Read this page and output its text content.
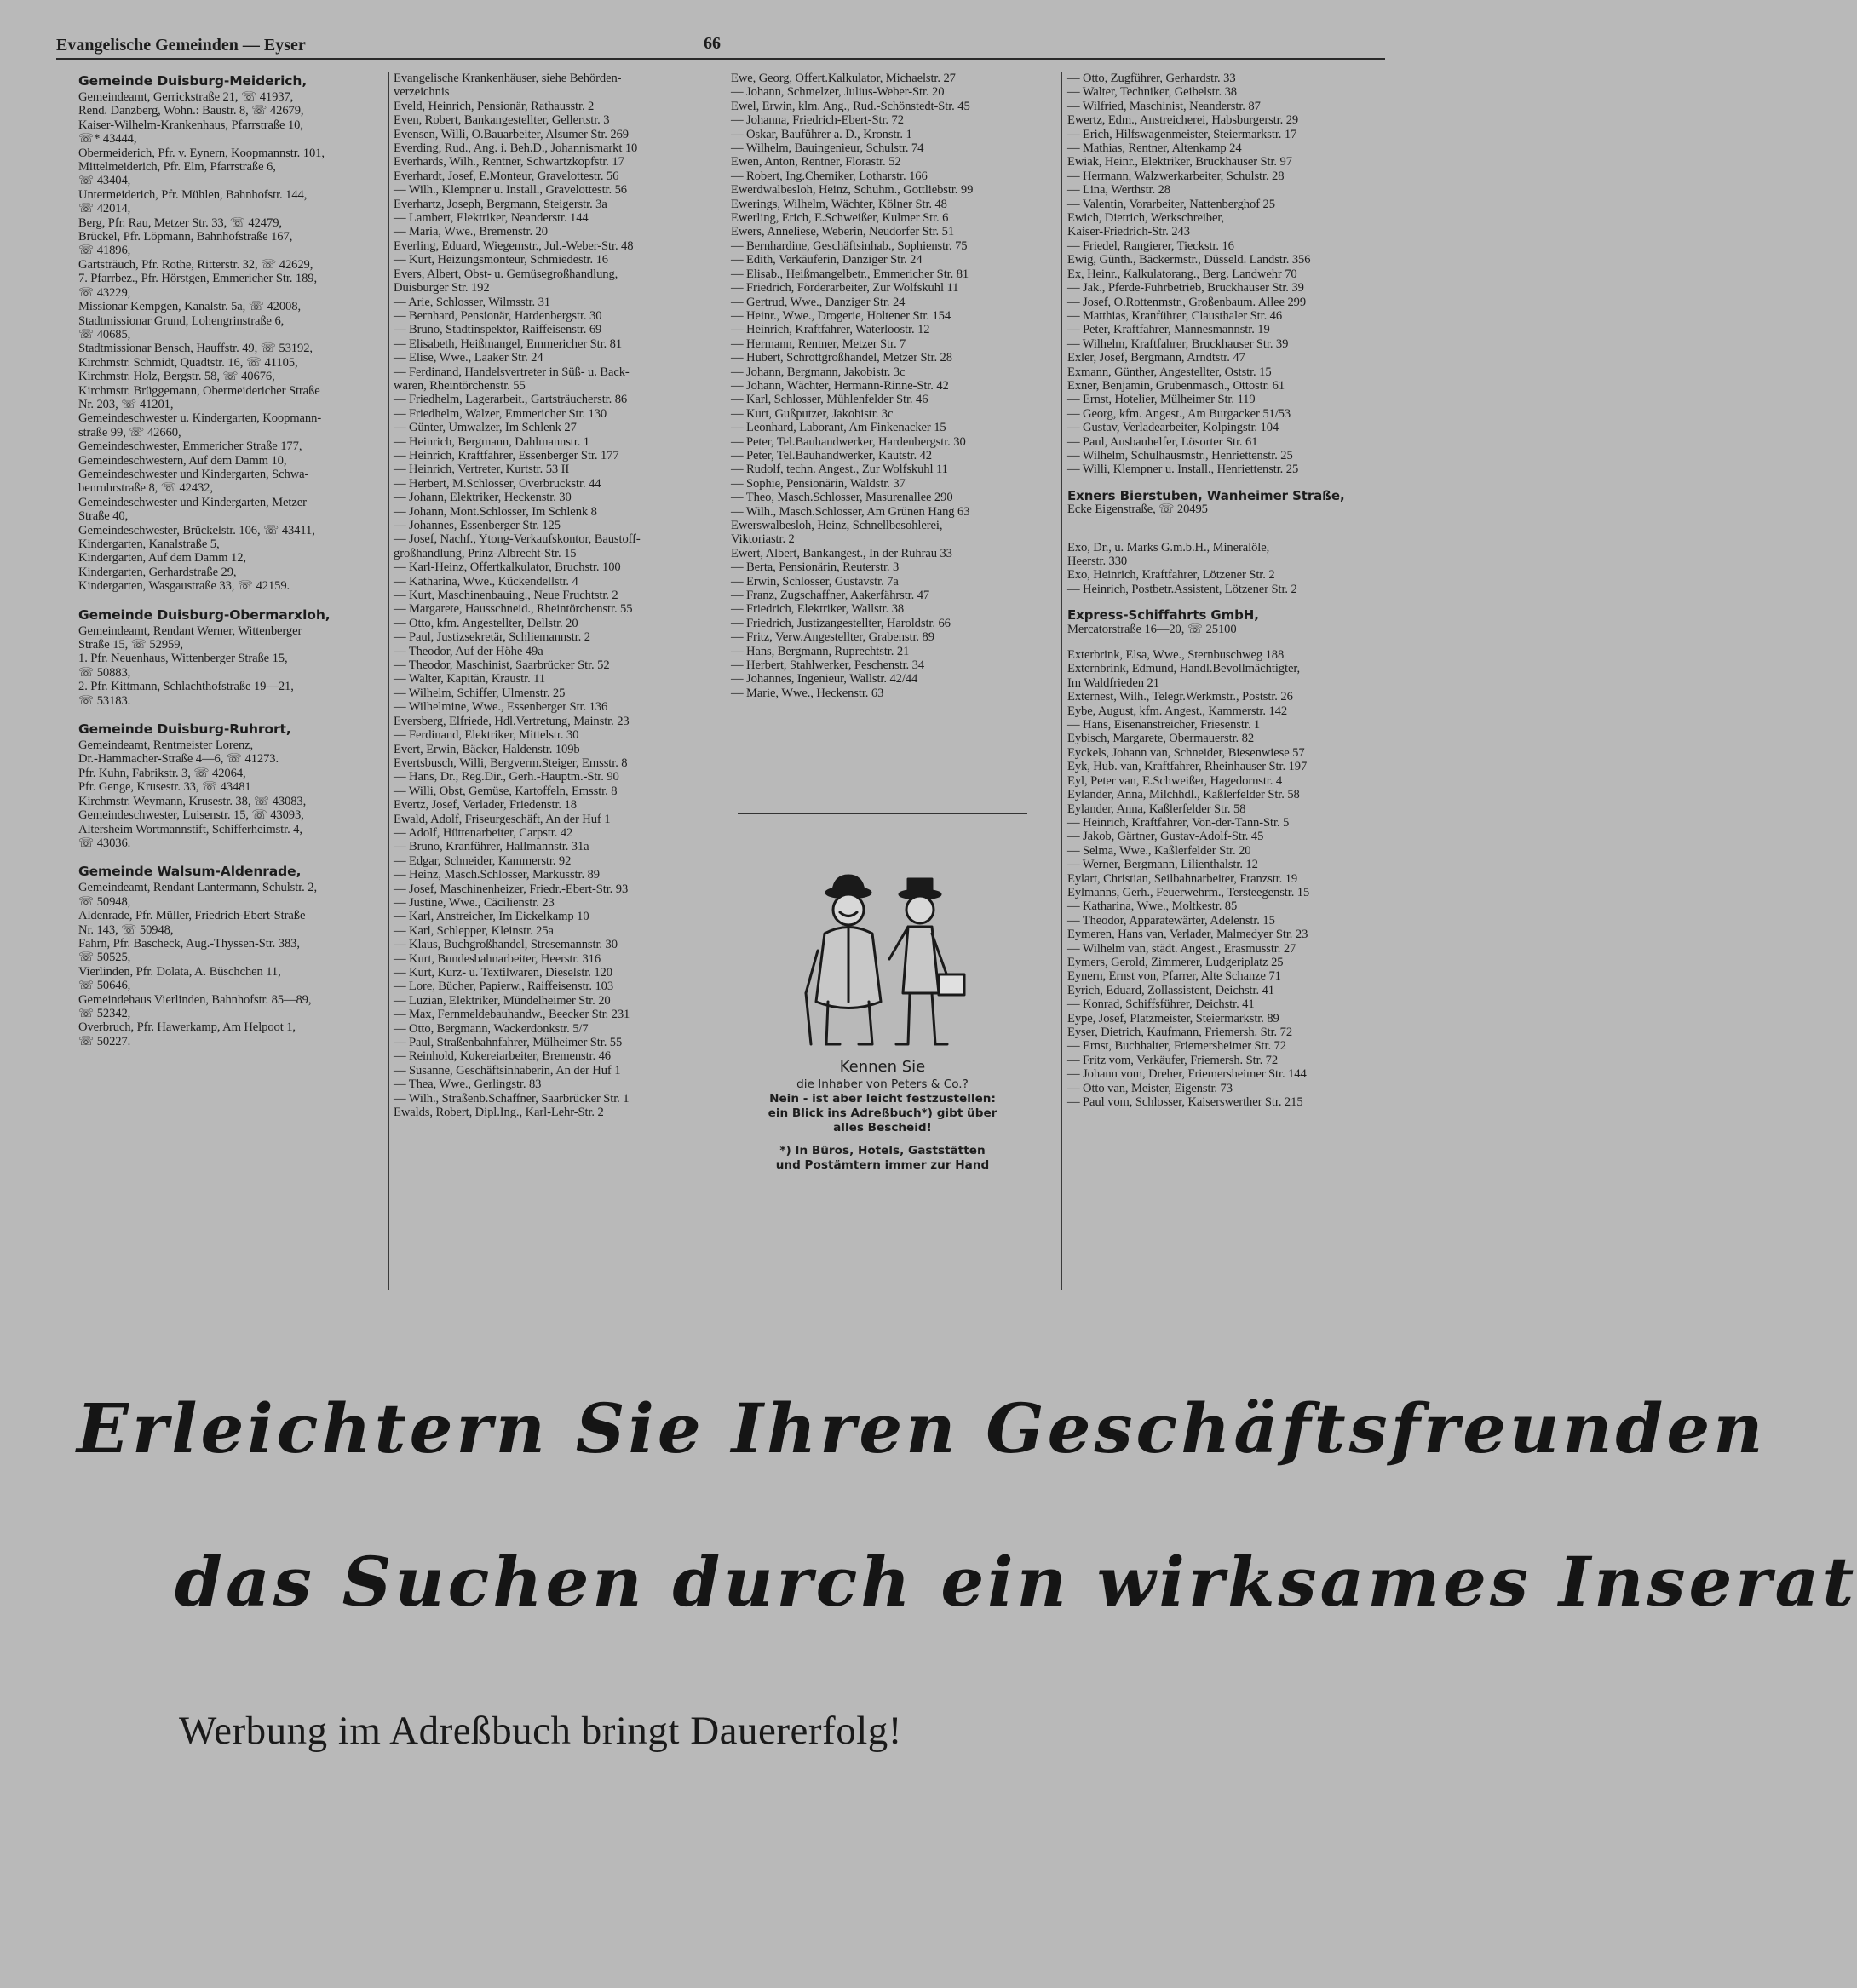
Evangelische Gemeinden — Eyser	66
Gemeinde Duisburg-Meiderich,
Gemeindeamt, Gerrickstraße 21, ☏ 41937,
Rend. Danzberg, Wohn.: Baustr. 8, ☏ 42679,
Kaiser-Wilhelm-Krankenhaus, Pfarrstraße 10,
☏* 43444,
Obermeiderich, Pfr. v. Eynern, Koopmannstr. 101,
Mittelmeiderich, Pfr. Elm, Pfarrstraße 6,
☏ 43404,
Untermeiderich, Pfr. Mühlen, Bahnhofstr. 144,
☏ 42014,
Berg, Pfr. Rau, Metzer Str. 33, ☏ 42479,
Brückel, Pfr. Löpmann, Bahnhofstraße 167,
☏ 41896,
Gartsträuch, Pfr. Rothe, Ritterstr. 32, ☏ 42629,
7. Pfarrbez., Pfr. Hörstgen, Emmericher Str. 189,
☏ 43229,
Missionar Kempgen, Kanalstr. 5a, ☏ 42008,
Stadtmissionar Grund, Lohengrinstraße 6,
☏ 40685,
Stadtmissionar Bensch, Hauffstr. 49, ☏ 53192,
Kirchmstr. Schmidt, Quadtstr. 16, ☏ 41105,
Kirchmstr. Holz, Bergstr. 58, ☏ 40676,
Kirchmstr. Brüggemann, Obermeidericher Straße
Nr. 203, ☏ 41201,
Gemeindeschwester u. Kindergarten, Koopmann-
straße 99, ☏ 42660,
Gemeindeschwester, Emmericher Straße 177,
Gemeindeschwestern, Auf dem Damm 10,
Gemeindeschwester und Kindergarten, Schwa-
benruhrstraße 8, ☏ 42432,
Gemeindeschwester und Kindergarten, Metzer
Straße 40,
Gemeindeschwester, Brückelstr. 106, ☏ 43411,
Kindergarten, Kanalstraße 5,
Kindergarten, Auf dem Damm 12,
Kindergarten, Gerhardstraße 29,
Kindergarten, Wasgaustraße 33, ☏ 42159.
Gemeinde Duisburg-Obermarxloh,
Gemeindeamt, Rendant Werner, Wittenberger
Straße 15, ☏ 52959,
1. Pfr. Neuenhaus, Wittenberger Straße 15,
☏ 50883,
2. Pfr. Kittmann, Schlachthofstraße 19—21,
☏ 53183.
Gemeinde Duisburg-Ruhrort,
Gemeindeamt, Rentmeister Lorenz,
Dr.-Hammacher-Straße 4—6, ☏ 41273.
Pfr. Kuhn, Fabrikstr. 3, ☏ 42064,
Pfr. Genge, Krusestr. 33, ☏ 43481
Kirchmstr. Weymann, Krusestr. 38, ☏ 43083,
Gemeindeschwester, Luisenstr. 15, ☏ 43093,
Altersheim Wortmannstift, Schifferheimstr. 4,
☏ 43036.
Gemeinde Walsum-Aldenrade,
Gemeindeamt, Rendant Lantermann, Schulstr. 2,
☏ 50948,
Aldenrade, Pfr. Müller, Friedrich-Ebert-Straße
Nr. 143, ☏ 50948,
Fahrn, Pfr. Bascheck, Aug.-Thyssen-Str. 383,
☏ 50525,
Vierlinden, Pfr. Dolata, A. Büschchen 11,
☏ 50646,
Gemeindehaus Vierlinden, Bahnhofstr. 85—89,
☏ 52342,
Overbruch, Pfr. Hawerkamp, Am Helpoot 1,
☏ 50227.
Evangelische Krankenhäuser, siehe Behörden-
verzeichnis
Eveld, Heinrich, Pensionär, Rathausstr. 2
Even, Robert, Bankangestellter, Gellertstr. 3
Evensen, Willi, O.Bauarbeiter, Alsumer Str. 269
Everding, Rud., Ang. i. Beh.D., Johannismarkt 10
Everhards, Wilh., Rentner, Schwartzkopfstr. 17
Everhardt, Josef, E.Monteur, Gravelottestr. 56
— Wilh., Klempner u. Install., Gravelottestr. 56
Everhartz, Joseph, Bergmann, Steigerstr. 3a
— Lambert, Elektriker, Neanderstr. 144
— Maria, Wwe., Bremenstr. 20
Everling, Eduard, Wiegemstr., Jul.-Weber-Str. 48
— Kurt, Heizungsmonteur, Schmiedestr. 16
Evers, Albert, Obst- u. Gemüsegroßhandlung,
Duisburger Str. 192
— Arie, Schlosser, Wilmsstr. 31
— Bernhard, Pensionär, Hardenbergstr. 30
— Bruno, Stadtinspektor, Raiffeisenstr. 69
— Elisabeth, Heißmangel, Emmericher Str. 81
— Elise, Wwe., Laaker Str. 24
— Ferdinand, Handelsvertreter in Süß- u. Back-
waren, Rheintörchenstr. 55
— Friedhelm, Lagerarbeit., Gartsträucherstr. 86
— Friedhelm, Walzer, Emmericher Str. 130
— Günter, Umwalzer, Im Schlenk 27
— Heinrich, Bergmann, Dahlmannstr. 1
— Heinrich, Kraftfahrer, Essenberger Str. 177
— Heinrich, Vertreter, Kurtstr. 53 II
— Herbert, M.Schlosser, Overbruckstr. 44
— Johann, Elektriker, Heckenstr. 30
— Johann, Mont.Schlosser, Im Schlenk 8
— Johannes, Essenberger Str. 125
— Josef, Nachf., Ytong-Verkaufskontor, Baustoff-
großhandlung, Prinz-Albrecht-Str. 15
— Karl-Heinz, Offertkalkulator, Bruchstr. 100
— Katharina, Wwe., Kückendellstr. 4
— Kurt, Maschinenbauing., Neue Fruchtstr. 2
— Margarete, Hausschneid., Rheintörchenstr. 55
— Otto, kfm. Angestellter, Dellstr. 20
— Paul, Justizsekretär, Schliemannstr. 2
— Theodor, Auf der Höhe 49a
— Theodor, Maschinist, Saarbrücker Str. 52
— Walter, Kapitän, Kraustr. 11
— Wilhelm, Schiffer, Ulmenstr. 25
— Wilhelmine, Wwe., Essenberger Str. 136
Eversberg, Elfriede, Hdl.Vertretung, Mainstr. 23
— Ferdinand, Elektriker, Mittelstr. 30
Evert, Erwin, Bäcker, Haldenstr. 109b
Evertsbusch, Willi, Bergverm.Steiger, Emsstr. 8
— Hans, Dr., Reg.Dir., Gerh.-Hauptm.-Str. 90
— Willi, Obst, Gemüse, Kartoffeln, Emsstr. 8
Evertz, Josef, Verlader, Friedenstr. 18
Ewald, Adolf, Friseurgeschäft, An der Huf 1
— Adolf, Hüttenarbeiter, Carpstr. 42
— Bruno, Kranführer, Hallmannstr. 31a
— Edgar, Schneider, Kammerstr. 92
— Heinz, Masch.Schlosser, Markusstr. 89
— Josef, Maschinenheizer, Friedr.-Ebert-Str. 93
— Justine, Wwe., Cäcilienstr. 23
— Karl, Anstreicher, Im Eickelkamp 10
— Karl, Schlepper, Kleinstr. 25a
— Klaus, Buchgroßhandel, Stresemannstr. 30
— Kurt, Bundesbahnarbeiter, Heerstr. 316
— Kurt, Kurz- u. Textilwaren, Dieselstr. 120
— Lore, Bücher, Papierw., Raiffeisenstr. 103
— Luzian, Elektriker, Mündelheimer Str. 20
— Max, Fernmeldebauhandw., Beecker Str. 231
— Otto, Bergmann, Wackerdonkstr. 5/7
— Paul, Straßenbahnfahrer, Mülheimer Str. 55
— Reinhold, Kokereiarbeiter, Bremenstr. 46
— Susanne, Geschäftsinhaberin, An der Huf 1
— Thea, Wwe., Gerlingstr. 83
— Wilh., Straßenb.Schaffner, Saarbrücker Str. 1
Ewalds, Robert, Dipl.Ing., Karl-Lehr-Str. 2
Ewe, Georg, Offert.Kalkulator, Michaelstr. 27
— Johann, Schmelzer, Julius-Weber-Str. 20
Ewel, Erwin, klm. Ang., Rud.-Schönstedt-Str. 45
— Johanna, Friedrich-Ebert-Str. 72
— Oskar, Bauführer a. D., Kronstr. 1
— Wilhelm, Bauingenieur, Schulstr. 74
Ewen, Anton, Rentner, Florastr. 52
— Robert, Ing.Chemiker, Lotharstr. 166
Ewerdwalbesloh, Heinz, Schuhm., Gottliebstr. 99
Ewerings, Wilhelm, Wächter, Kölner Str. 48
Ewerling, Erich, E.Schweißer, Kulmer Str. 6
Ewers, Anneliese, Weberin, Neudorfer Str. 51
— Bernhardine, Geschäftsinhab., Sophienstr. 75
— Edith, Verkäuferin, Danziger Str. 24
— Elisab., Heißmangelbetr., Emmericher Str. 81
— Friedrich, Förderarbeiter, Zur Wolfskuhl 11
— Gertrud, Wwe., Danziger Str. 24
— Heinr., Wwe., Drogerie, Holtener Str. 154
— Heinrich, Kraftfahrer, Waterloostr. 12
— Hermann, Rentner, Metzer Str. 7
— Hubert, Schrottgroßhandel, Metzer Str. 28
— Johann, Bergmann, Jakobistr. 3c
— Johann, Wächter, Hermann-Rinne-Str. 42
— Karl, Schlosser, Mühlenfelder Str. 46
— Kurt, Gußputzer, Jakobistr. 3c
— Leonhard, Laborant, Am Finkenacker 15
— Peter, Tel.Bauhandwerker, Hardenbergstr. 30
— Peter, Tel.Bauhandwerker, Kautstr. 42
— Rudolf, techn. Angest., Zur Wolfskuhl 11
— Sophie, Pensionärin, Waldstr. 37
— Theo, Masch.Schlosser, Masurenallee 290
— Wilh., Masch.Schlosser, Am Grünen Hang 63
Ewerswalbesloh, Heinz, Schnellbesohlerei,
Viktoriastr. 2
Ewert, Albert, Bankangest., In der Ruhrau 33
— Berta, Pensionärin, Reuterstr. 3
— Erwin, Schlosser, Gustavstr. 7a
— Franz, Zugschaffner, Aakerfährstr. 47
— Friedrich, Elektriker, Wallstr. 38
— Friedrich, Justizangestellter, Haroldstr. 66
— Fritz, Verw.Angestellter, Grabenstr. 89
— Hans, Bergmann, Ruprechtstr. 21
— Herbert, Stahlwerker, Peschenstr. 34
— Johannes, Ingenieur, Wallstr. 42/44
— Marie, Wwe., Heckenstr. 63
— Otto, Zugführer, Gerhardstr. 33
— Walter, Techniker, Geibelstr. 38
— Wilfried, Maschinist, Neanderstr. 87
Ewertz, Edm., Anstreicherei, Habsburgerstr. 29
— Erich, Hilfswagenmeister, Steiermarkstr. 17
— Mathias, Rentner, Altenkamp 24
Ewiak, Heinr., Elektriker, Bruckhauser Str. 97
— Hermann, Walzwerkarbeiter, Schulstr. 28
— Lina, Werthstr. 28
— Valentin, Vorarbeiter, Nattenberghof 25
Ewich, Dietrich, Werkschreiber,
Kaiser-Friedrich-Str. 243
— Friedel, Rangierer, Tieckstr. 16
Ewig, Günth., Bäckermstr., Düsseld. Landstr. 356
Ex, Heinr., Kalkulatorang., Berg. Landwehr 70
— Jak., Pferde-Fuhrbetrieb, Bruckhauser Str. 39
— Josef, O.Rottenmstr., Großenbaum. Allee 299
— Matthias, Kranführer, Clausthaler Str. 46
— Peter, Kraftfahrer, Mannesmannstr. 19
— Wilhelm, Kraftfahrer, Bruckhauser Str. 39
Exler, Josef, Bergmann, Arndtstr. 47
Exmann, Günther, Angestellter, Oststr. 15
Exner, Benjamin, Grubenmasch., Ottostr. 61
— Ernst, Hotelier, Mülheimer Str. 119
— Georg, kfm. Angest., Am Burgacker 51/53
— Gustav, Verladearbeiter, Kolpingstr. 104
— Paul, Ausbauhelfer, Lösorter Str. 61
— Wilhelm, Schulhausmstr., Henriettenstr. 25
— Willi, Klempner u. Install., Henriettenstr. 25
Exners Bierstuben, Wanheimer Straße,
Ecke Eigenstraße, ☏ 20495
Exo, Dr., u. Marks G.m.b.H., Mineralöle,
Heerstr. 330
Exo, Heinrich, Kraftfahrer, Lötzener Str. 2
— Heinrich, Postbetr.Assistent, Lötzener Str. 2
Express-Schiffahrts GmbH,
Mercatorstraße 16—20, ☏ 25100
Exterbrink, Elsa, Wwe., Sternbuschweg 188
Externbrink, Edmund, Handl.Bevollmächtigter,
Im Waldfrieden 21
Externest, Wilh., Telegr.Werkmstr., Poststr. 26
Eybe, August, kfm. Angest., Kammerstr. 142
— Hans, Eisenanstreicher, Friesenstr. 1
Eybisch, Margarete, Obermauerstr. 82
Eyckels, Johann van, Schneider, Biesenwiese 57
Eyk, Hub. van, Kraftfahrer, Rheinhauser Str. 197
Eyl, Peter van, E.Schweißer, Hagedornstr. 4
Eylander, Anna, Milchhdl., Kaßlerfelder Str. 58
Eylander, Anna, Kaßlerfelder Str. 58
— Heinrich, Kraftfahrer, Von-der-Tann-Str. 5
— Jakob, Gärtner, Gustav-Adolf-Str. 45
— Selma, Wwe., Kaßlerfelder Str. 20
— Werner, Bergmann, Lilienthalstr. 12
Eylart, Christian, Seilbahnarbeiter, Franzstr. 19
Eylmanns, Gerh., Feuerwehrm., Tersteegenstr. 15
— Katharina, Wwe., Moltkestr. 85
— Theodor, Apparatewärter, Adelenstr. 15
Eymeren, Hans van, Verlader, Malmedyer Str. 23
— Wilhelm van, städt. Angest., Erasmusstr. 27
Eymers, Gerold, Zimmerer, Ludgeriplatz 25
Eynern, Ernst von, Pfarrer, Alte Schanze 71
Eyrich, Eduard, Zollassistent, Deichstr. 41
— Konrad, Schiffsführer, Deichstr. 41
Eype, Josef, Platzmeister, Steiermarkstr. 89
Eyser, Dietrich, Kaufmann, Friemersh. Str. 72
— Ernst, Buchhalter, Friemersheimer Str. 72
— Fritz vom, Verkäufer, Friemersh. Str. 72
— Johann vom, Dreher, Friemersheimer Str. 144
— Otto van, Meister, Eigenstr. 73
— Paul vom, Schlosser, Kaiserswerther Str. 215
Kennen Sie
die Inhaber von Peters & Co.?
Nein - ist aber leicht festzustellen:
ein Blick ins Adreßbuch*) gibt über
alles Bescheid!
*) In Büros, Hotels, Gaststätten
und Postämtern immer zur Hand
Erleichtern Sie Ihren Geschäftsfreunden
das Suchen durch ein wirksames Inserat
Werbung im Adreßbuch bringt Dauererfolg!
